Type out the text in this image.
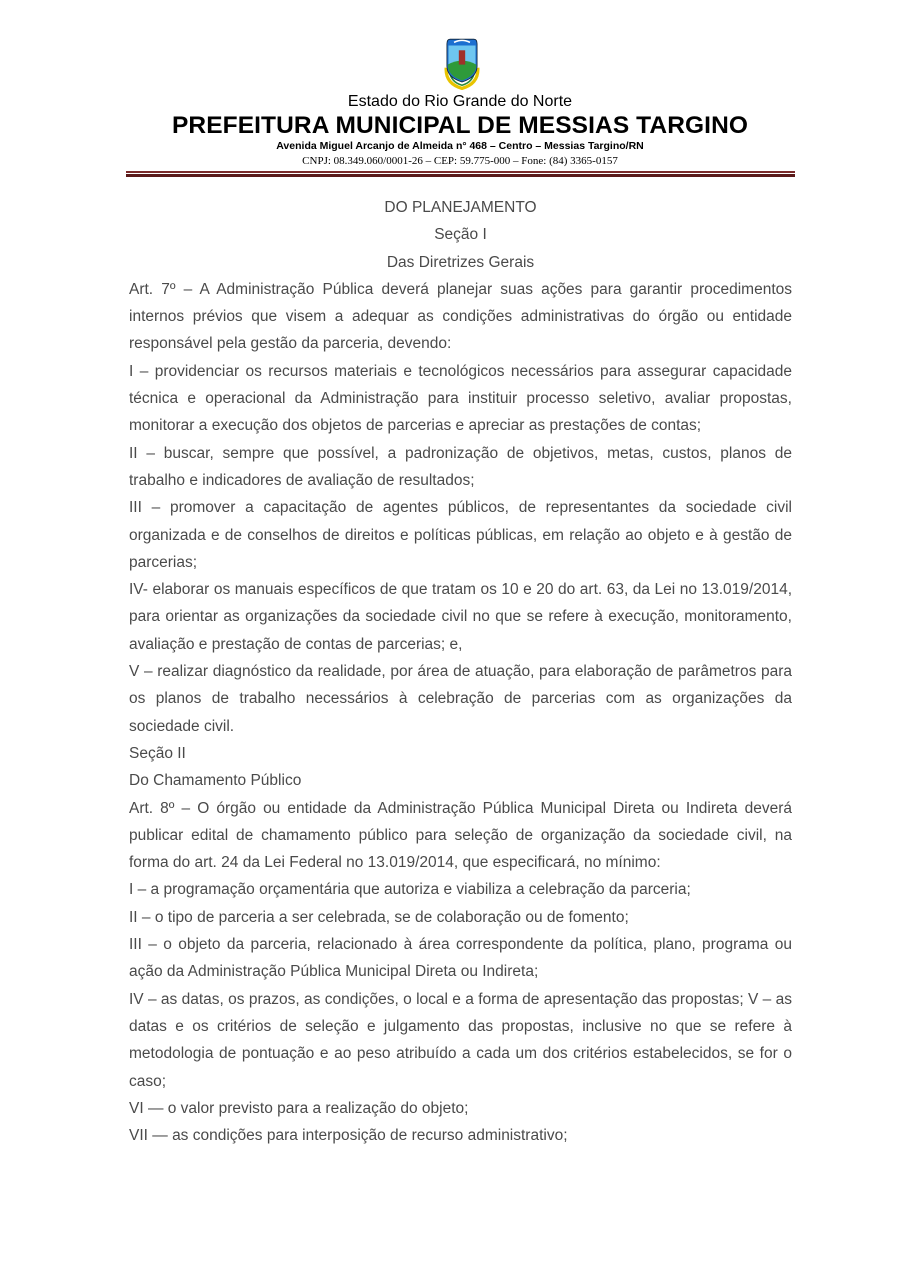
Estado do Rio Grande do Norte
PREFEITURA MUNICIPAL DE MESSIAS TARGINO
Avenida Miguel Arcanjo de Almeida n° 468 – Centro – Messias Targino/RN
CNPJ: 08.349.060/0001-26 – CEP: 59.775-000 – Fone: (84) 3365-0157

DO PLANEJAMENTO

Seção I

Das Diretrizes Gerais

Art. 7º – A Administração Pública deverá planejar suas ações para garantir procedimentos internos prévios que visem a adequar as condições administrativas do órgão ou entidade responsável pela gestão da parceria, devendo:

I – providenciar os recursos materiais e tecnológicos necessários para assegurar capacidade técnica e operacional da Administração para instituir processo seletivo, avaliar propostas, monitorar a execução dos objetos de parcerias e apreciar as prestações de contas;

II – buscar, sempre que possível, a padronização de objetivos, metas, custos, planos de trabalho e indicadores de avaliação de resultados;

III – promover a capacitação de agentes públicos, de representantes da sociedade civil organizada e de conselhos de direitos e políticas públicas, em relação ao objeto e à gestão de parcerias;

IV- elaborar os manuais específicos de que tratam os 10 e 20 do art. 63, da Lei no 13.019/2014, para orientar as organizações da sociedade civil no que se refere à execução, monitoramento, avaliação e prestação de contas de parcerias; e,

V – realizar diagnóstico da realidade, por área de atuação, para elaboração de parâmetros para os planos de trabalho necessários à celebração de parcerias com as organizações da sociedade civil.

Seção II

Do Chamamento Público

Art. 8º – O órgão ou entidade da Administração Pública Municipal Direta ou Indireta deverá publicar edital de chamamento público para seleção de organização da sociedade civil, na forma do art. 24 da Lei Federal no 13.019/2014, que especificará, no mínimo:

I – a programação orçamentária que autoriza e viabiliza a celebração da parceria;

II – o tipo de parceria a ser celebrada, se de colaboração ou de fomento;

III – o objeto da parceria, relacionado à área correspondente da política, plano, programa ou ação da Administração Pública Municipal Direta ou Indireta;

IV – as datas, os prazos, as condições, o local e a forma de apresentação das propostas; V – as datas e os critérios de seleção e julgamento das propostas, inclusive no que se refere à metodologia de pontuação e ao peso atribuído a cada um dos critérios estabelecidos, se for o caso;

VI — o valor previsto para a realização do objeto;

VII — as condições para interposição de recurso administrativo;
